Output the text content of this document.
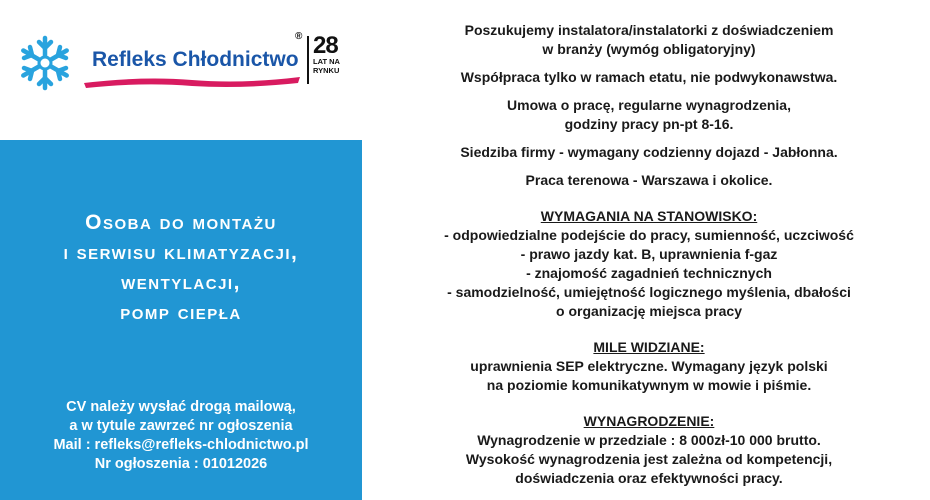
Refleks Chłodnictwo
® 28
LAT NA RYNKU
Osoba do montażu
i serwisu klimatyzacji,
wentylacji,
pomp ciepła
CV należy wysłać drogą mailową,
a w tytule zawrzeć nr ogłoszenia
Mail : refleks@refleks-chlodnictwo.pl
Nr ogłoszenia : 01012026

Poszukujemy instalatora/instalatorki z doświadczeniem

w branży (wymóg obligatoryjny)

Współpraca tylko w ramach etatu, nie podwykonawstwa.

Umowa o pracę, regularne wynagrodzenia,

godziny pracy pn-pt 8-16.

Siedziba firmy - wymagany codzienny dojazd - Jabłonna.

Praca terenowa - Warszawa i okolice.

WYMAGANIA NA STANOWISKO:

- odpowiedzialne podejście do pracy, sumienność, uczciwość

- prawo jazdy kat. B, uprawnienia f-gaz

- znajomość zagadnień technicznych

- samodzielność, umiejętność logicznego myślenia, dbałości

o organizację miejsca pracy

MILE WIDZIANE:

uprawnienia SEP elektryczne. Wymagany język polski

na poziomie komunikatywnym w mowie i piśmie.

WYNAGRODZENIE:

Wynagrodzenie w przedziale : 8 000zł-10 000 brutto.

Wysokość wynagrodzenia jest zależna od kompetencji,

doświadczenia oraz efektywności pracy.
